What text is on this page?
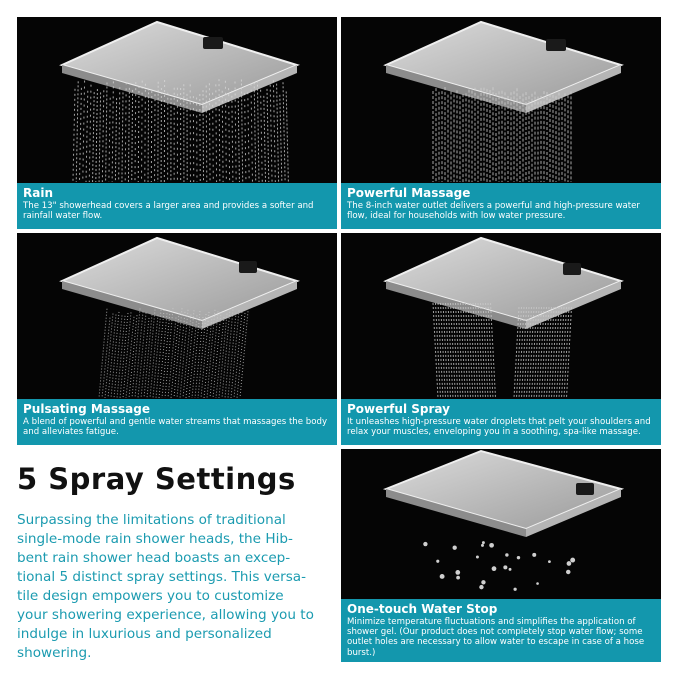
Rain
The 13" showerhead covers a larger area and provides a softer and rainfall water flow.
Powerful Massage
The 8-inch water outlet delivers a powerful and high-pressure water flow, ideal for households with low water pressure.
Pulsating Massage
A blend of powerful and gentle water streams that massages the body and alleviates fatigue.
Powerful Spray
It unleashes high-pressure water droplets that pelt your shoulders and relax your muscles, enveloping you in a soothing, spa-like massage.
One-touch Water Stop
Minimize temperature fluctuations and simplifies the application of shower gel. (Our product does not completely stop water flow; some outlet holes are necessary to allow water to escape in case of a hose burst.)
5 Spray Settings
Surpassing the limitations of traditional single-mode rain shower heads, the Hib-bent rain shower head boasts an excep-tional 5 distinct spray settings. This versa-tile design empowers you to customize your showering experience, allowing you to indulge in luxurious and personalized showering.
